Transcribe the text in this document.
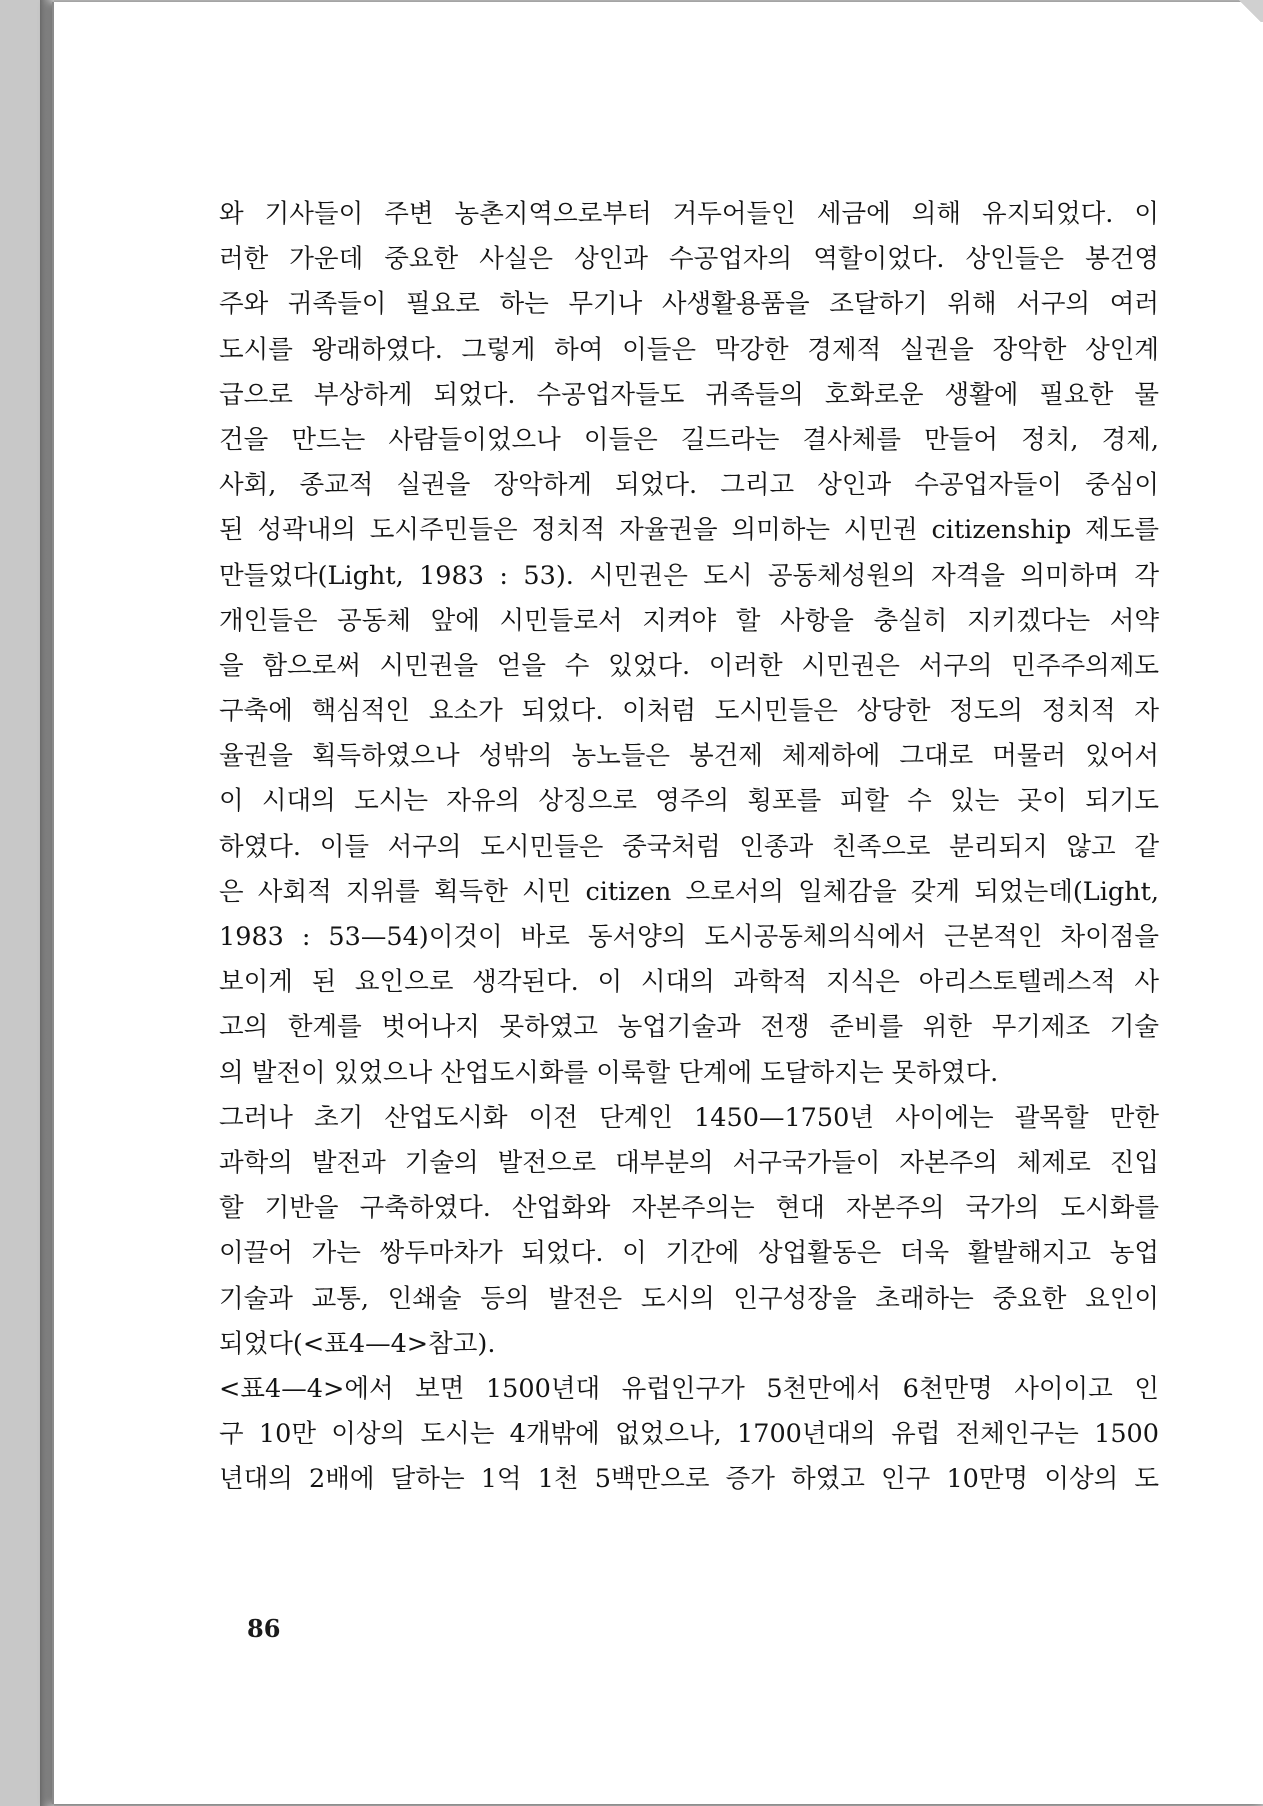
와 기사들이 주변 농촌지역으로부터 거두어들인 세금에 의해 유지되었다. 이
러한 가운데 중요한 사실은 상인과 수공업자의 역할이었다. 상인들은 봉건영
주와 귀족들이 필요로 하는 무기나 사생활용품을 조달하기 위해 서구의 여러
도시를 왕래하였다. 그렇게 하여 이들은 막강한 경제적 실권을 장악한 상인계
급으로 부상하게 되었다. 수공업자들도 귀족들의 호화로운 생활에 필요한 물
건을 만드는 사람들이었으나 이들은 길드라는 결사체를 만들어 정치, 경제,
사회, 종교적 실권을 장악하게 되었다. 그리고 상인과 수공업자들이 중심이
된 성곽내의 도시주민들은 정치적 자율권을 의미하는 시민권 citizenship 제도를
만들었다(Light, 1983 : 53). 시민권은 도시 공동체성원의 자격을 의미하며 각
개인들은 공동체 앞에 시민들로서 지켜야 할 사항을 충실히 지키겠다는 서약
을 함으로써 시민권을 얻을 수 있었다. 이러한 시민권은 서구의 민주주의제도
구축에 핵심적인 요소가 되었다. 이처럼 도시민들은 상당한 정도의 정치적 자
율권을 획득하였으나 성밖의 농노들은 봉건제 체제하에 그대로 머물러 있어서
이 시대의 도시는 자유의 상징으로 영주의 횡포를 피할 수 있는 곳이 되기도
하였다. 이들 서구의 도시민들은 중국처럼 인종과 친족으로 분리되지 않고 같
은 사회적 지위를 획득한 시민 citizen 으로서의 일체감을 갖게 되었는데(Light,
1983 : 53—54)이것이 바로 동서양의 도시공동체의식에서 근본적인 차이점을
보이게 된 요인으로 생각된다. 이 시대의 과학적 지식은 아리스토텔레스적 사
고의 한계를 벗어나지 못하였고 농업기술과 전쟁 준비를 위한 무기제조 기술
의 발전이 있었으나 산업도시화를 이룩할 단계에 도달하지는 못하였다.
그러나 초기 산업도시화 이전 단계인 1450—1750년 사이에는 괄목할 만한
과학의 발전과 기술의 발전으로 대부분의 서구국가들이 자본주의 체제로 진입
할 기반을 구축하였다. 산업화와 자본주의는 현대 자본주의 국가의 도시화를
이끌어 가는 쌍두마차가 되었다. 이 기간에 상업활동은 더욱 활발해지고 농업
기술과 교통, 인쇄술 등의 발전은 도시의 인구성장을 초래하는 중요한 요인이
되었다(<표4—4>참고).
<표4—4>에서 보면 1500년대 유럽인구가 5천만에서 6천만명 사이이고 인
구 10만 이상의 도시는 4개밖에 없었으나, 1700년대의 유럽 전체인구는 1500
년대의 2배에 달하는 1억 1천 5백만으로 증가 하였고 인구 10만명 이상의 도
86
